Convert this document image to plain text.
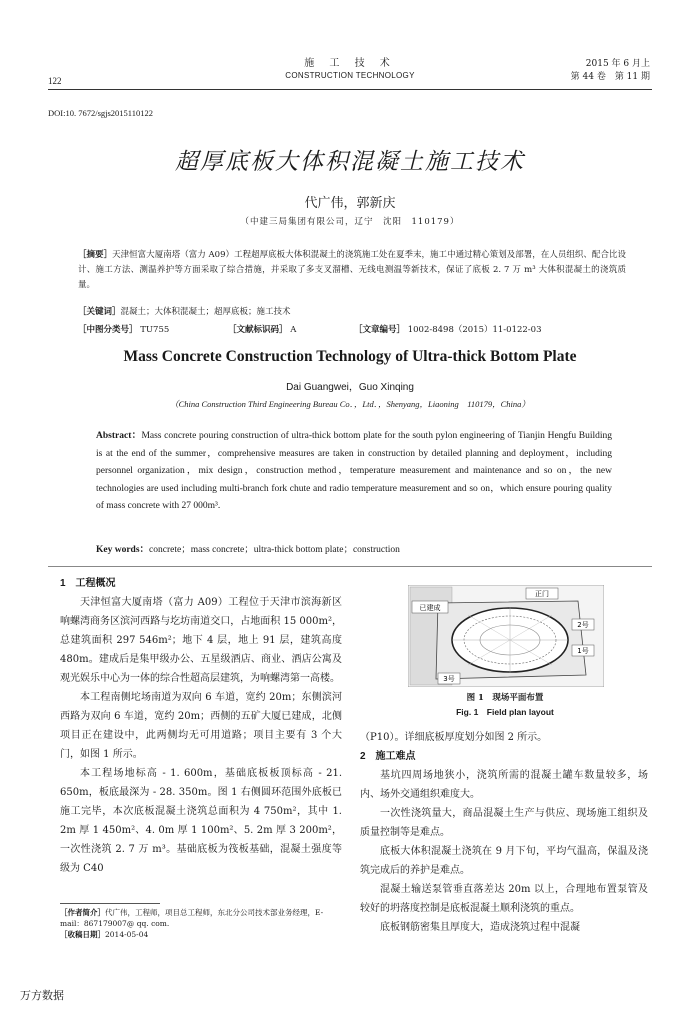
施 工 技 术
CONSTRUCTION TECHNOLOGY
2015 年 6 月上
第 44 卷　第 11 期
122
DOI:10. 7672/sgjs2015110122
超厚底板大体积混凝土施工技术
代广伟，郭新庆
（中建三局集团有限公司，辽宁　沈阳　110179）
［摘要］天津恒富大厦南塔（富力 A09）工程超厚底板大体积混凝土的浇筑施工处在夏季末，施工中通过精心策划及部署，在人员组织、配合比设计、施工方法、测温养护等方面采取了综合措施，并采取了多支叉溜槽、无线电测温等新技术，保证了底板 2. 7 万 m³ 大体积混凝土的浇筑质量。
［关键词］混凝土；大体积混凝土；超厚底板；施工技术
［中图分类号］ TU755	［文献标识码］ A	［文章编号］ 1002-8498（2015）11-0122-03
Mass Concrete Construction Technology of Ultra-thick Bottom Plate
Dai Guangwei，Guo Xinqing
（China Construction Third Engineering Bureau Co．，Ltd．，Shenyang，Liaoning　110179，China）
Abstract：Mass concrete pouring construction of ultra-thick bottom plate for the south pylon engineering of Tianjin Hengfu Building is at the end of the summer，comprehensive measures are taken in construction by detailed planning and deployment，including personnel organization，mix design，construction method，temperature measurement and maintenance and so on，the new technologies are used including multi-branch fork chute and radio temperature measurement and so on，which ensure pouring quality of mass concrete with 27 000m³.
Key words：concrete；mass concrete；ultra-thick bottom plate；construction
1　工程概况

天津恒富大厦南塔（富力 A09）工程位于天津市滨海新区响螺湾商务区滨河西路与圪坊南道交口，占地面积 15 000m²，总建筑面积 297 546m²；地下 4 层，地上 91 层，建筑高度 480m。建成后是集甲级办公、五星级酒店、商业、酒店公寓及观光娱乐中心为一体的综合性超高层建筑，为响螺湾第一高楼。

本工程南侧坨场南道为双向 6 车道，宽约 20m；东侧滨河西路为双向 6 车道，宽约 20m；西侧的五矿大厦已建成，北侧项目正在建设中，此两侧均无可用道路；项目主要有 3 个大门，如图 1 所示。

本工程场地标高 - 1. 600m，基础底板板顶标高 - 21. 650m，板底最深为 - 28. 350m。图 1 右侧圆环范围外底板已施工完毕，本次底板混凝土浇筑总面积为 4 750m²，其中 1. 2m 厚 1 450m²、4. 0m 厚 1 100m²、5. 2m 厚 3 200m²，一次性浇筑 2. 7 万 m³。基础底板为筏板基础，混凝土强度等级为 C40

［作者简介］代广伟，工程师，项目总工程师，东北分公司技术部业务经理，E-mail：867179007@ qq. com.
［收稿日期］2014-05-04
已建成
正门
2号
1号
3号
图 1　现场平面布置
Fig. 1　Field plan layout

（P10）。详细底板厚度划分如图 2 所示。

2　施工难点

基坑四周场地狭小，浇筑所需的混凝土罐车数量较多，场内、场外交通组织难度大。

一次性浇筑量大，商品混凝土生产与供应、现场施工组织及质量控制等是难点。

底板大体积混凝土浇筑在 9 月下旬，平均气温高，保温及浇筑完成后的养护是难点。

混凝土输送泵管垂直落差达 20m 以上，合理地布置泵管及较好的坍落度控制是底板混凝土顺利浇筑的重点。

底板钢筋密集且厚度大，造成浇筑过程中混凝

万方数据
